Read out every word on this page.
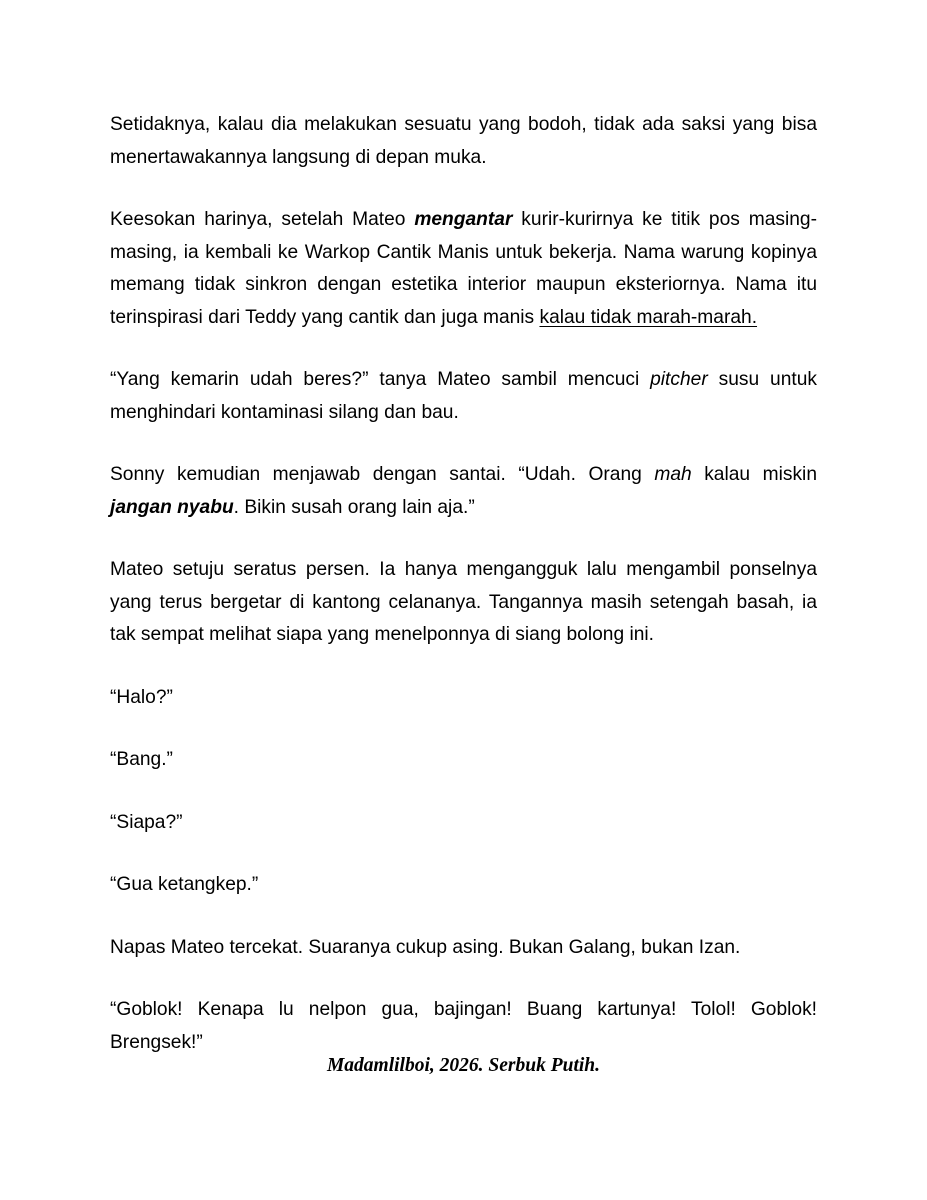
Setidaknya, kalau dia melakukan sesuatu yang bodoh, tidak ada saksi yang bisa menertawakannya langsung di depan muka.

Keesokan harinya, setelah Mateo mengantar kurir-kurirnya ke titik pos masing-masing, ia kembali ke Warkop Cantik Manis untuk bekerja. Nama warung kopinya memang tidak sinkron dengan estetika interior maupun eksteriornya. Nama itu terinspirasi dari Teddy yang cantik dan juga manis kalau tidak marah-marah.

“Yang kemarin udah beres?” tanya Mateo sambil mencuci pitcher susu untuk menghindari kontaminasi silang dan bau.

Sonny kemudian menjawab dengan santai. “Udah. Orang mah kalau miskin jangan nyabu. Bikin susah orang lain aja.”

Mateo setuju seratus persen. Ia hanya mengangguk lalu mengambil ponselnya yang terus bergetar di kantong celananya. Tangannya masih setengah basah, ia tak sempat melihat siapa yang menelponnya di siang bolong ini.

“Halo?”

“Bang.”

“Siapa?”

“Gua ketangkep.”

Napas Mateo tercekat. Suaranya cukup asing. Bukan Galang, bukan Izan.

“Goblok! Kenapa lu nelpon gua, bajingan! Buang kartunya! Tolol! Goblok! Brengsek!”

Madamlilboi, 2026. Serbuk Putih.
